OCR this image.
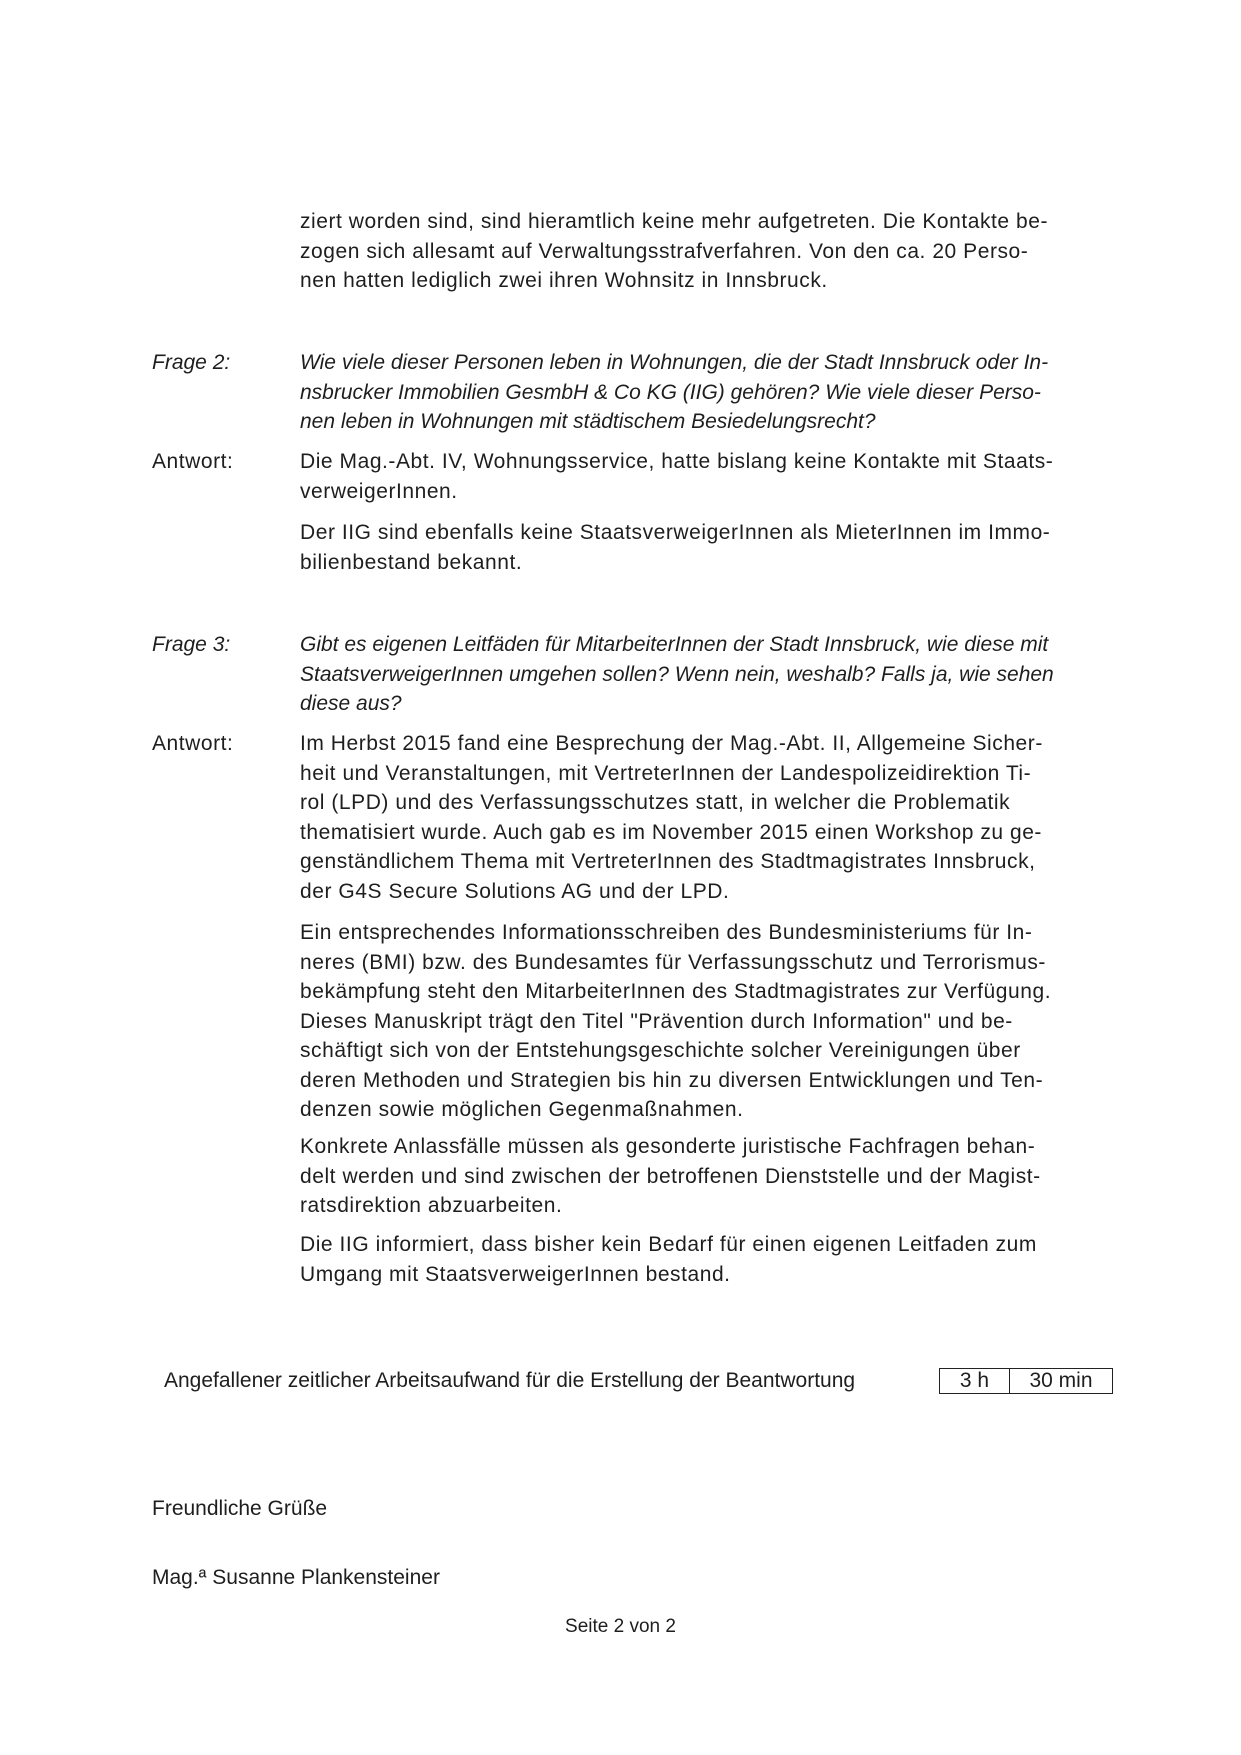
ziert worden sind, sind hieramtlich keine mehr aufgetreten. Die Kontakte be-
zogen sich allesamt auf Verwaltungsstrafverfahren. Von den ca. 20 Perso-
nen hatten lediglich zwei ihren Wohnsitz in Innsbruck.

Frage 2:	Wie viele dieser Personen leben in Wohnungen, die der Stadt Innsbruck oder In-
nsbrucker Immobilien GesmbH & Co KG (IIG) gehören? Wie viele dieser Perso-
nen leben in Wohnungen mit städtischem Besiedelungsrecht?

Antwort:	Die Mag.-Abt. IV, Wohnungsservice, hatte bislang keine Kontakte mit Staats-
verweigerInnen.

Der IIG sind ebenfalls keine StaatsverweigerInnen als MieterInnen im Immo-
bilienbestand bekannt.

Frage 3:	Gibt es eigenen Leitfäden für MitarbeiterInnen der Stadt Innsbruck, wie diese mit
StaatsverweigerInnen umgehen sollen? Wenn nein, weshalb? Falls ja, wie sehen
diese aus?

Antwort:	Im Herbst 2015 fand eine Besprechung der Mag.-Abt. II, Allgemeine Sicher-
heit und Veranstaltungen, mit VertreterInnen der Landespolizeidirektion Ti-
rol (LPD) und des Verfassungsschutzes statt, in welcher die Problematik
thematisiert wurde. Auch gab es im November 2015 einen Workshop zu ge-
genständlichem Thema mit VertreterInnen des Stadtmagistrates Innsbruck,
der G4S Secure Solutions AG und der LPD.

Ein entsprechendes Informationsschreiben des Bundesministeriums für In-
neres (BMI) bzw. des Bundesamtes für Verfassungsschutz und Terrorismus-
bekämpfung steht den MitarbeiterInnen des Stadtmagistrates zur Verfügung.
Dieses Manuskript trägt den Titel "Prävention durch Information" und be-
schäftigt sich von der Entstehungsgeschichte solcher Vereinigungen über
deren Methoden und Strategien bis hin zu diversen Entwicklungen und Ten-
denzen sowie möglichen Gegenmaßnahmen.

Konkrete Anlassfälle müssen als gesonderte juristische Fachfragen behan-
delt werden und sind zwischen der betroffenen Dienststelle und der Magist-
ratsdirektion abzuarbeiten.

Die IIG informiert, dass bisher kein Bedarf für einen eigenen Leitfaden zum
Umgang mit StaatsverweigerInnen bestand.

Angefallener zeitlicher Arbeitsaufwand für die Erstellung der Beantwortung	3 h	30 min
Freundliche Grüße
Mag.ª Susanne Plankensteiner
Seite 2 von 2
